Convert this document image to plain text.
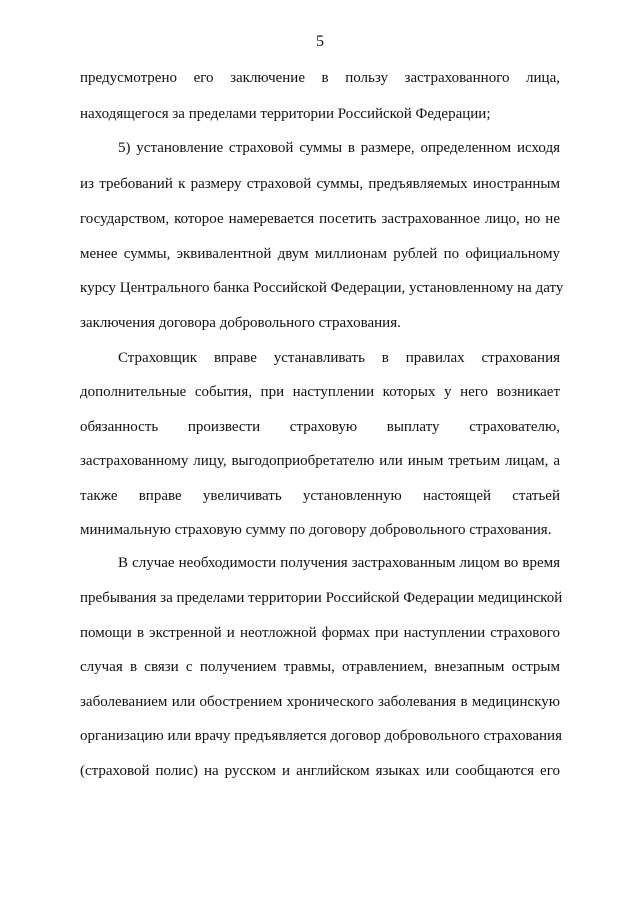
5
предусмотрено его заключение в пользу застрахованного лица,
находящегося за пределами территории Российской Федерации;
5) установление страховой суммы в размере, определенном исходя
из требований к размеру страховой суммы, предъявляемых иностранным
государством, которое намеревается посетить застрахованное лицо, но не
менее суммы, эквивалентной двум миллионам рублей по официальному
курсу Центрального банка Российской Федерации, установленному на дату
заключения договора добровольного страхования.
Страховщик вправе устанавливать в правилах страхования
дополнительные события, при наступлении которых у него возникает
обязанность произвести страховую выплату страхователю,
застрахованному лицу, выгодоприобретателю или иным третьим лицам, а
также вправе увеличивать установленную настоящей статьей
минимальную страховую сумму по договору добровольного страхования.
В случае необходимости получения застрахованным лицом во время
пребывания за пределами территории Российской Федерации медицинской
помощи в экстренной и неотложной формах при наступлении страхового
случая в связи с получением травмы, отравлением, внезапным острым
заболеванием или обострением хронического заболевания в медицинскую
организацию или врачу предъявляется договор добровольного страхования
(страховой полис) на русском и английском языках или сообщаются его
